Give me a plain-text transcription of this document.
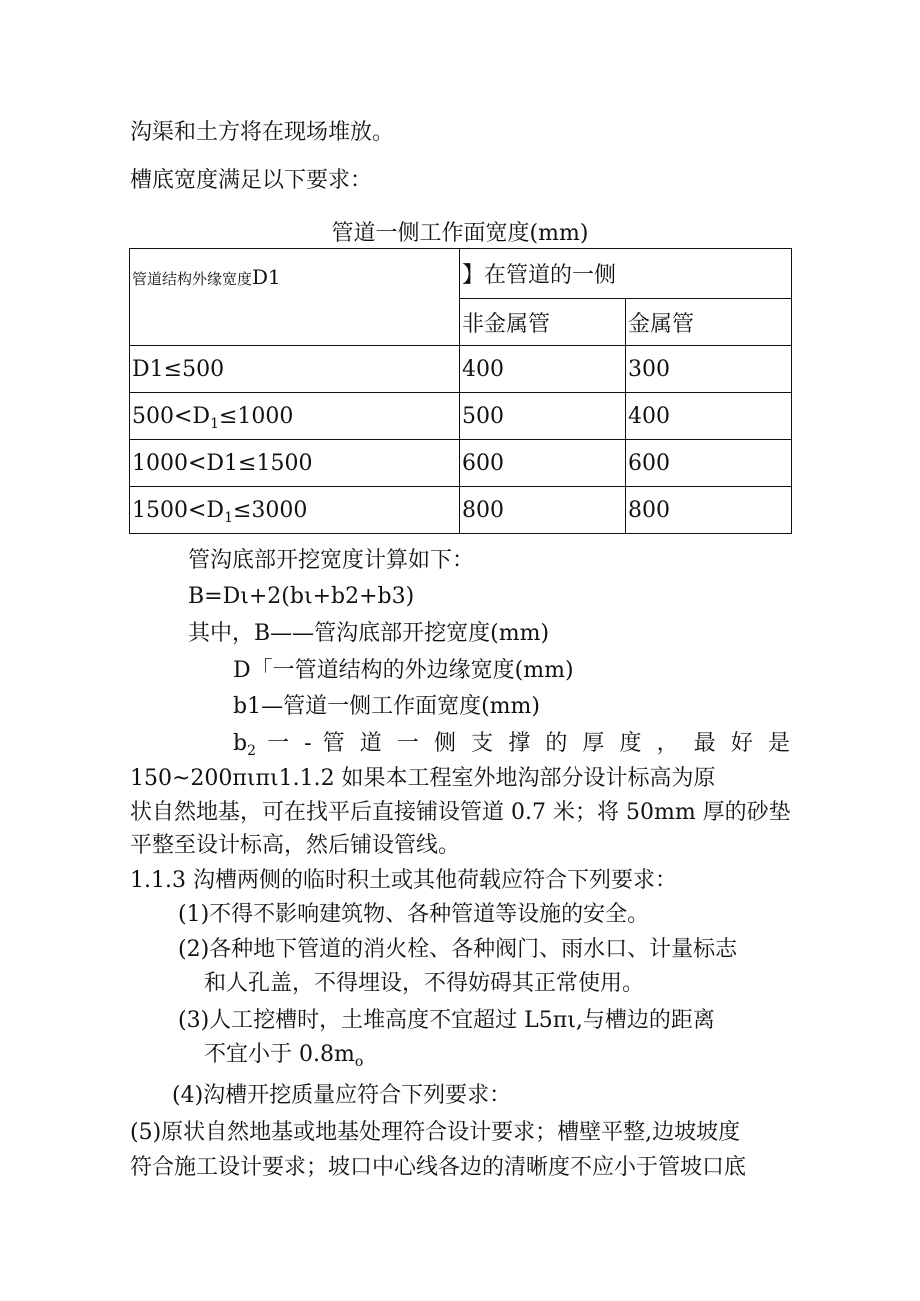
沟渠和土方将在现场堆放。
槽底宽度满足以下要求：
管道一侧工作面宽度(mm)
管道结构外缘宽度D1	】在管道的一侧	
	非金属管	金属管
D1≤500	400	300
$500<D_1\le 1000$	500	400
1000<D1≤1500	600	600
$1500<D_1\le 3000$	800	800
管沟底部开挖宽度计算如下：
B=Dι+2(bι+b2+b3)
其中，B——管沟底部开挖宽度(mm)
D「一管道结构的外边缘宽度(mm)
b1—管道一侧工作面宽度(mm)
$b_2$ 一 - 管 道 一 侧 支 撑 的 厚 度 ， 最 好 是
150~200πιπι1.1.2 如果本工程室外地沟部分设计标高为原
状自然地基，可在找平后直接铺设管道 0.7 米；将 50mm 厚的砂垫
平整至设计标高，然后铺设管线。
1.1.3 沟槽两侧的临时积土或其他荷载应符合下列要求：
(1)不得不影响建筑物、各种管道等设施的安全。
(2)各种地下管道的消火栓、各种阀门、雨水口、计量标志
和人孔盖，不得埋设，不得妨碍其正常使用。
(3)人工挖槽时，土堆高度不宜超过 L5πι,与槽边的距离
不宜小于 $0.8m_o$
(4)沟槽开挖质量应符合下列要求：
(5)原状自然地基或地基处理符合设计要求；槽壁平整,边坡坡度
符合施工设计要求；坡口中心线各边的清晰度不应小于管坡口底
